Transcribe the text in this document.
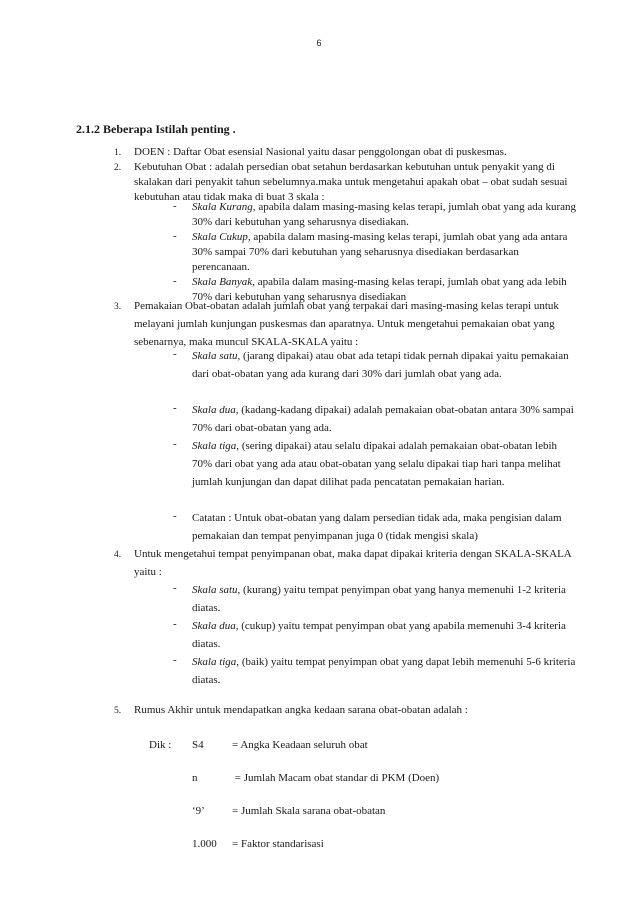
6
2.1.2 Beberapa Istilah penting .
1. DOEN : Daftar Obat esensial Nasional yaitu dasar penggolongan obat di puskesmas.
2. Kebutuhan Obat : adalah persedian obat setahun berdasarkan kebutuhan untuk penyakit yang di skalakan dari penyakit tahun sebelumnya.maka untuk mengetahui apakah obat – obat sudah sesuai kebutuhan atau tidak maka di buat 3 skala :
- Skala Kurang, apabila dalam masing-masing kelas terapi, jumlah obat yang ada kurang 30% dari kebutuhan yang seharusnya disediakan.
- Skala Cukup, apabila dalam masing-masing kelas terapi, jumlah obat yang ada antara 30% sampai 70% dari kebutuhan yang seharusnya disediakan berdasarkan perencanaan.
- Skala Banyak, apabila dalam masing-masing kelas terapi, jumlah obat yang ada lebih 70% dari kebutuhan yang seharusnya disediakan
3. Pemakaian Obat-obatan adalah jumlah obat yang terpakai dari masing-masing kelas terapi untuk melayani jumlah kunjungan puskesmas dan aparatnya. Untuk mengetahui pemakaian obat yang sebenarnya, maka muncul SKALA-SKALA yaitu :
- Skala satu, (jarang dipakai) atau obat ada tetapi tidak pernah dipakai yaitu pemakaian dari obat-obatan yang ada kurang dari 30% dari jumlah obat yang ada.
- Skala dua, (kadang-kadang dipakai) adalah pemakaian obat-obatan antara 30% sampai 70% dari obat-obatan yang ada.
- Skala tiga, (sering dipakai) atau selalu dipakai adalah pemakaian obat-obatan lebih 70% dari obat yang ada atau obat-obatan yang selalu dipakai tiap hari tanpa melihat jumlah kunjungan dan dapat dilihat pada pencatatan pemakaian harian.
- Catatan : Untuk obat-obatan yang dalam persedian tidak ada, maka pengisian dalam pemakaian dan tempat penyimpanan juga 0 (tidak mengisi skala)
4. Untuk mengetahui tempat penyimpanan obat, maka dapat dipakai kriteria dengan SKALA-SKALA yaitu :
- Skala satu, (kurang) yaitu tempat penyimpan obat yang hanya memenuhi 1-2 kriteria diatas.
- Skala dua, (cukup) yaitu tempat penyimpan obat yang apabila memenuhi 3-4 kriteria diatas.
- Skala tiga, (baik) yaitu tempat penyimpan obat yang dapat lebih memenuhi 5-6 kriteria diatas.
5. Rumus Akhir untuk mendapatkan angka kedaan sarana obat-obatan adalah :
Dik : S4	= Angka Keadaan seluruh obat
n	= Jumlah Macam obat standar di PKM (Doen)
‘9’ = Jumlah Skala sarana obat-obatan
1.000 = Faktor standarisasi
